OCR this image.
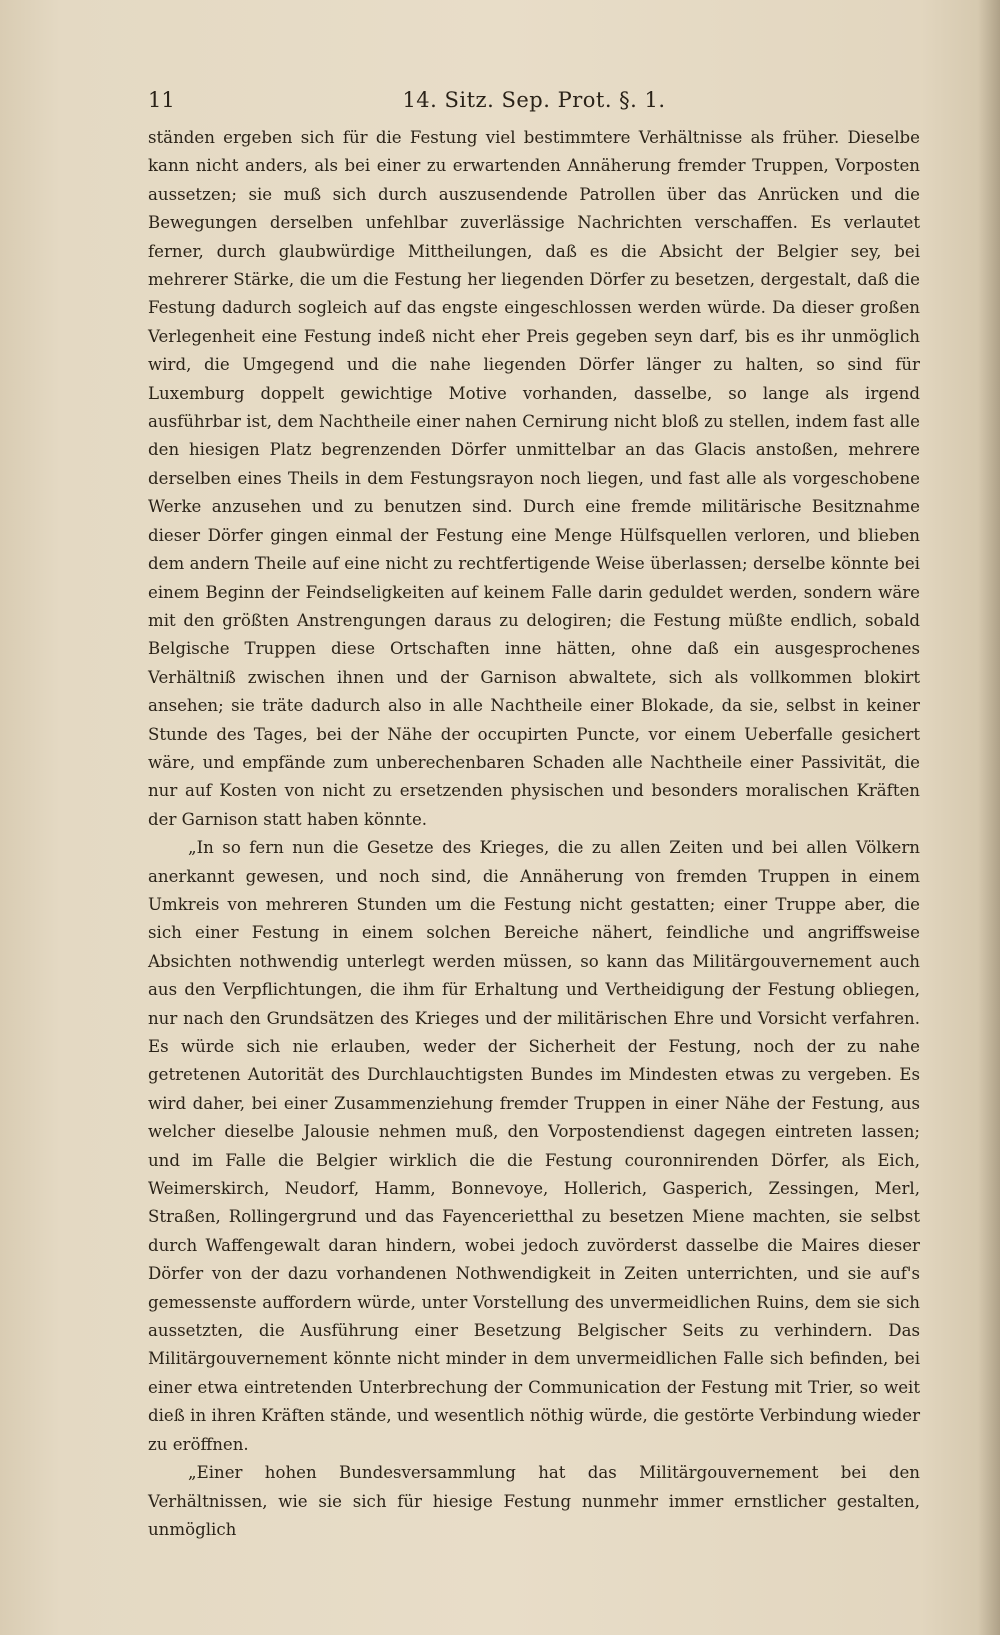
11	14. Sitz. Sep. Prot. §. 1.

ständen ergeben sich für die Festung viel bestimmtere Verhältnisse als früher. Dieselbe kann nicht anders, als bei einer zu erwartenden Annäherung fremder Truppen, Vorposten aussetzen; sie muß sich durch auszusendende Patrollen über das Anrücken und die Bewegungen derselben unfehlbar zuverlässige Nachrichten verschaffen. Es verlautet ferner, durch glaubwürdige Mittheilungen, daß es die Absicht der Belgier sey, bei mehrerer Stärke, die um die Festung her liegenden Dörfer zu besetzen, dergestalt, daß die Festung dadurch sogleich auf das engste eingeschlossen werden würde. Da dieser großen Verlegenheit eine Festung indeß nicht eher Preis gegeben seyn darf, bis es ihr unmöglich wird, die Umgegend und die nahe liegenden Dörfer länger zu halten, so sind für Luxemburg doppelt gewichtige Motive vorhanden, dasselbe, so lange als irgend ausführbar ist, dem Nachtheile einer nahen Cernirung nicht bloß zu stellen, indem fast alle den hiesigen Platz begrenzenden Dörfer unmittelbar an das Glacis anstoßen, mehrere derselben eines Theils in dem Festungsrayon noch liegen, und fast alle als vorgeschobene Werke anzusehen und zu benutzen sind. Durch eine fremde militärische Besitznahme dieser Dörfer gingen einmal der Festung eine Menge Hülfsquellen verloren, und blieben dem andern Theile auf eine nicht zu rechtfertigende Weise überlassen; derselbe könnte bei einem Beginn der Feindseligkeiten auf keinem Falle darin geduldet werden, sondern wäre mit den größten Anstrengungen daraus zu delogiren; die Festung müßte endlich, sobald Belgische Truppen diese Ortschaften inne hätten, ohne daß ein ausgesprochenes Verhältniß zwischen ihnen und der Garnison abwaltete, sich als vollkommen blokirt ansehen; sie träte dadurch also in alle Nachtheile einer Blokade, da sie, selbst in keiner Stunde des Tages, bei der Nähe der occupirten Puncte, vor einem Ueberfalle gesichert wäre, und empfände zum unberechenbaren Schaden alle Nachtheile einer Passivität, die nur auf Kosten von nicht zu ersetzenden physischen und besonders moralischen Kräften der Garnison statt haben könnte.

„In so fern nun die Gesetze des Krieges, die zu allen Zeiten und bei allen Völkern anerkannt gewesen, und noch sind, die Annäherung von fremden Truppen in einem Umkreis von mehreren Stunden um die Festung nicht gestatten; einer Truppe aber, die sich einer Festung in einem solchen Bereiche nähert, feindliche und angriffsweise Absichten nothwendig unterlegt werden müssen, so kann das Militärgouvernement auch aus den Verpflichtungen, die ihm für Erhaltung und Vertheidigung der Festung obliegen, nur nach den Grundsätzen des Krieges und der militärischen Ehre und Vorsicht verfahren. Es würde sich nie erlauben, weder der Sicherheit der Festung, noch der zu nahe getretenen Autorität des Durchlauchtigsten Bundes im Mindesten etwas zu vergeben. Es wird daher, bei einer Zusammenziehung fremder Truppen in einer Nähe der Festung, aus welcher dieselbe Jalousie nehmen muß, den Vorpostendienst dagegen eintreten lassen; und im Falle die Belgier wirklich die die Festung couronnirenden Dörfer, als Eich, Weimerskirch, Neudorf, Hamm, Bonnevoye, Hollerich, Gasperich, Zessingen, Merl, Straßen, Rollingergrund und das Fayencerietthal zu besetzen Miene machten, sie selbst durch Waffengewalt daran hindern, wobei jedoch zuvörderst dasselbe die Maires dieser Dörfer von der dazu vorhandenen Nothwendigkeit in Zeiten unterrichten, und sie auf's gemessenste auffordern würde, unter Vorstellung des unvermeidlichen Ruins, dem sie sich aussetzten, die Ausführung einer Besetzung Belgischer Seits zu verhindern. Das Militärgouvernement könnte nicht minder in dem unvermeidlichen Falle sich befinden, bei einer etwa eintretenden Unterbrechung der Communication der Festung mit Trier, so weit dieß in ihren Kräften stände, und wesentlich nöthig würde, die gestörte Verbindung wieder zu eröffnen.

„Einer hohen Bundesversammlung hat das Militärgouvernement bei den Verhältnissen, wie sie sich für hiesige Festung nunmehr immer ernstlicher gestalten, unmöglich
